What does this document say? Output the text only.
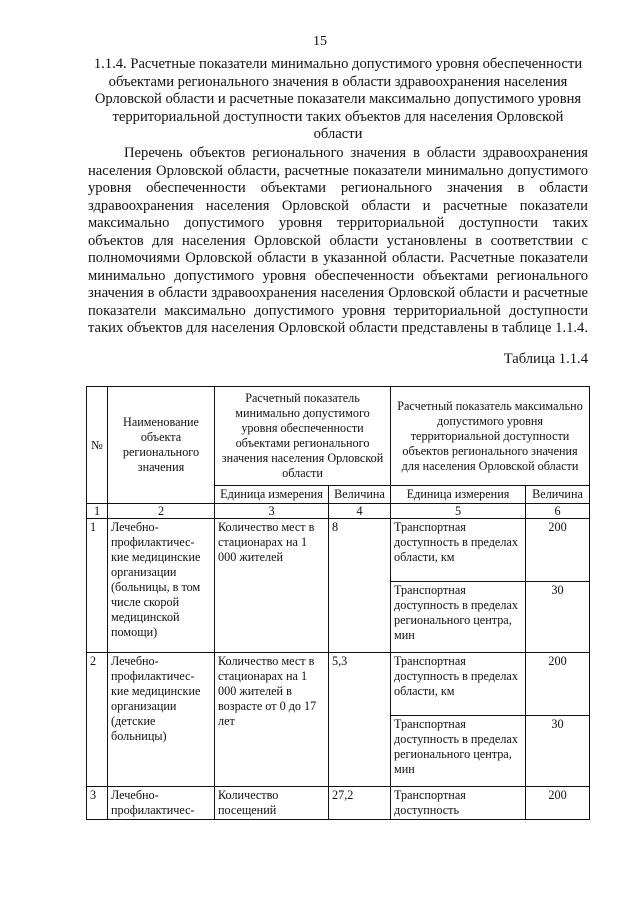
15
1.1.4. Расчетные показатели минимально допустимого уровня обеспеченности объектами регионального значения в области здравоохранения населения Орловской области и расчетные показатели максимально допустимого уровня территориальной доступности таких объектов для населения Орловской области
Перечень объектов регионального значения в области здравоохранения населения Орловской области, расчетные показатели минимально допустимого уровня обеспеченности объектами регионального значения в области здравоохранения населения Орловской области и расчетные показатели максимально допустимого уровня территориальной доступности таких объектов для населения Орловской области установлены в соответствии с полномочиями Орловской области в указанной области. Расчетные показатели минимально допустимого уровня обеспеченности объектами регионального значения в области здравоохранения населения Орловской области и расчетные показатели максимально допустимого уровня территориальной доступности таких объектов для населения Орловской области представлены в таблице 1.1.4.
Таблица 1.1.4
№	Наименование объекта регионального значения	Расчетный показатель минимально допустимого уровня обеспеченности объектами регионального значения населения Орловской области		Расчетный показатель максимально допустимого уровня территориальной доступности объектов регионального значения для населения Орловской области	
		Единица измерения	Величина	Единица измерения	Величина
1	2	3	4	5	6
1	Лечебно-профилактичес-кие медицинские организации (больницы, в том числе скорой медицинской помощи)	Количество мест в стационарах на 1 000 жителей	8	Транспортная доступность в пределах области, км	200
				Транспортная доступность в пределах регионального центра, мин	30
2	Лечебно-профилактичес-кие медицинские организации (детские больницы)	Количество мест в стационарах на 1 000 жителей в возрасте от 0 до 17 лет	5,3	Транспортная доступность в пределах области, км	200
				Транспортная доступность в пределах регионального центра, мин	30
3	Лечебно-профилактичес-	Количество посещений	27,2	Транспортная доступность	200
